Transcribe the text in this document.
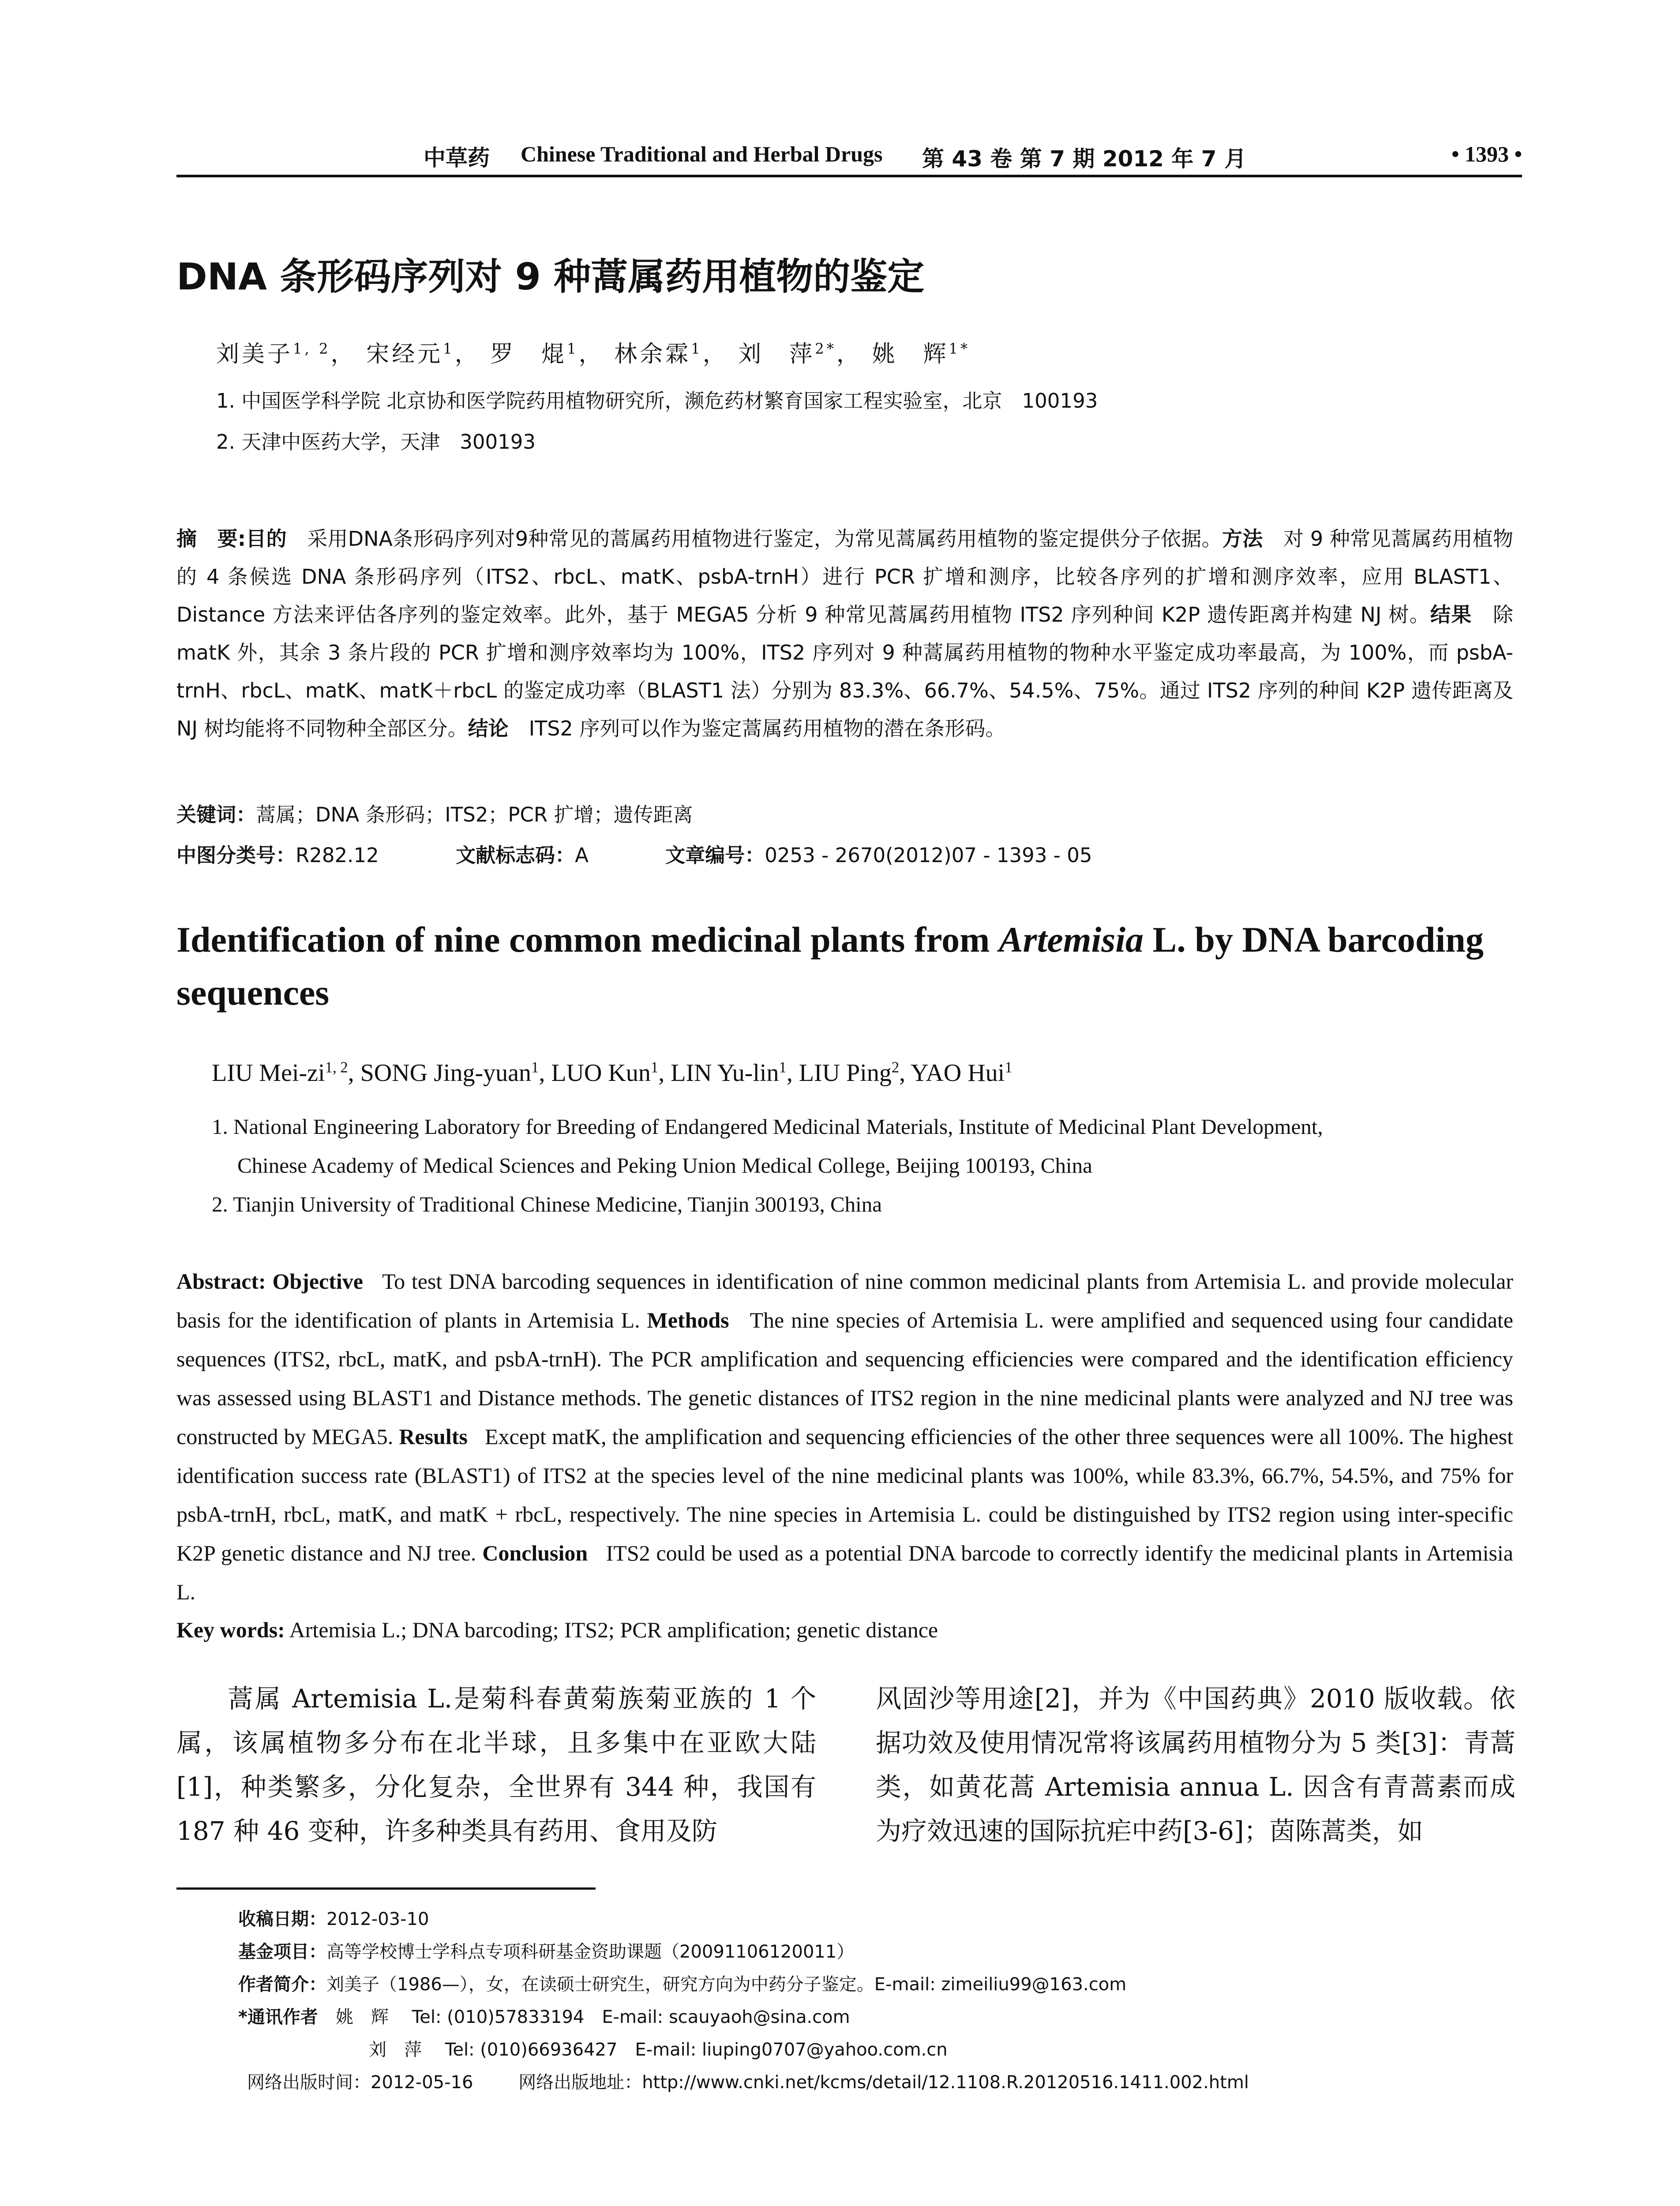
中草药 Chinese Traditional and Herbal Drugs 第 43 卷 第 7 期 2012 年 7 月	• 1393 •
DNA 条形码序列对 9 种蒿属药用植物的鉴定
刘美子$^{1, 2}$， 宋经元$^1$， 罗　焜$^1$， 林余霖$^1$， 刘　萍$^{2*}$， 姚　辉$^{1*}$
1. 中国医学科学院 北京协和医学院药用植物研究所，濒危药材繁育国家工程实验室，北京　100193
2. 天津中医药大学，天津　300193
摘　要:目的　 采用DNA条形码序列对9种常见的蒿属药用植物进行鉴定，为常见蒿属药用植物的鉴定提供分子依据。方法　 对 9 种常见蒿属药用植物的 4 条候选 DNA 条形码序列（ITS2、rbcL、matK、psbA-trnH）进行 PCR 扩增和测序，比较各序列的扩增和测序效率，应用 BLAST1、Distance 方法来评估各序列的鉴定效率。此外，基于 MEGA5 分析 9 种常见蒿属药用植物 ITS2 序列种间 K2P 遗传距离并构建 NJ 树。结果　 除 matK 外，其余 3 条片段的 PCR 扩增和测序效率均为 100%，ITS2 序列对 9 种蒿属药用植物的物种水平鉴定成功率最高，为 100%，而 psbA-trnH、rbcL、matK、matK＋rbcL 的鉴定成功率（BLAST1 法）分别为 83.3%、66.7%、54.5%、75%。通过 ITS2 序列的种间 K2P 遗传距离及 NJ 树均能将不同物种全部区分。结论　 ITS2 序列可以作为鉴定蒿属药用植物的潜在条形码。
关键词：蒿属；DNA 条形码；ITS2；PCR 扩增；遗传距离
中图分类号：R282.12	文献标志码：A	文章编号：0253 - 2670(2012)07 - 1393 - 05
Identification of nine common medicinal plants from Artemisia L. by DNA barcoding sequences
LIU Mei-zi$^{1, 2}$, SONG Jing-yuan$^1$, LUO Kun$^1$, LIN Yu-lin$^1$, LIU Ping$^2$, YAO Hui$^1$
1. National Engineering Laboratory for Breeding of Endangered Medicinal Materials, Institute of Medicinal Plant Development,
Chinese Academy of Medical Sciences and Peking Union Medical College, Beijing 100193, China
2. Tianjin University of Traditional Chinese Medicine, Tianjin 300193, China
Abstract: Objective To test DNA barcoding sequences in identification of nine common medicinal plants from Artemisia L. and provide molecular basis for the identification of plants in Artemisia L. Methods The nine species of Artemisia L. were amplified and sequenced using four candidate sequences (ITS2, rbcL, matK, and psbA-trnH). The PCR amplification and sequencing efficiencies were compared and the identification efficiency was assessed using BLAST1 and Distance methods. The genetic distances of ITS2 region in the nine medicinal plants were analyzed and NJ tree was constructed by MEGA5. Results Except matK, the amplification and sequencing efficiencies of the other three sequences were all 100%. The highest identification success rate (BLAST1) of ITS2 at the species level of the nine medicinal plants was 100%, while 83.3%, 66.7%, 54.5%, and 75% for psbA-trnH, rbcL, matK, and matK + rbcL, respectively. The nine species in Artemisia L. could be distinguished by ITS2 region using inter-specific K2P genetic distance and NJ tree. Conclusion ITS2 could be used as a potential DNA barcode to correctly identify the medicinal plants in Artemisia L.
Key words: Artemisia L.; DNA barcoding; ITS2; PCR amplification; genetic distance
蒿属 Artemisia L.是菊科春黄菊族菊亚族的 1 个属，该属植物多分布在北半球，且多集中在亚欧大陆[1]，种类繁多，分化复杂，全世界有 344 种，我国有 187 种 46 变种，许多种类具有药用、食用及防
风固沙等用途[2]，并为《中国药典》2010 版收载。依据功效及使用情况常将该属药用植物分为 5 类[3]：青蒿类，如黄花蒿 Artemisia annua L. 因含有青蒿素而成为疗效迅速的国际抗疟中药[3-6]；茵陈蒿类，如
收稿日期：2012-03-10
基金项目：高等学校博士学科点专项科研基金资助课题（20091106120011）
作者简介：刘美子（1986—），女，在读硕士研究生，研究方向为中药分子鉴定。E-mail: zimeiliu99@163.com
*通讯作者　 姚　辉　 Tel: (010)57833194　E-mail: scauyaoh@sina.com
刘　萍　 Tel: (010)66936427　E-mail: liuping0707@yahoo.com.cn
网络出版时间：2012-05-16	网络出版地址：http://www.cnki.net/kcms/detail/12.1108.R.20120516.1411.002.html
